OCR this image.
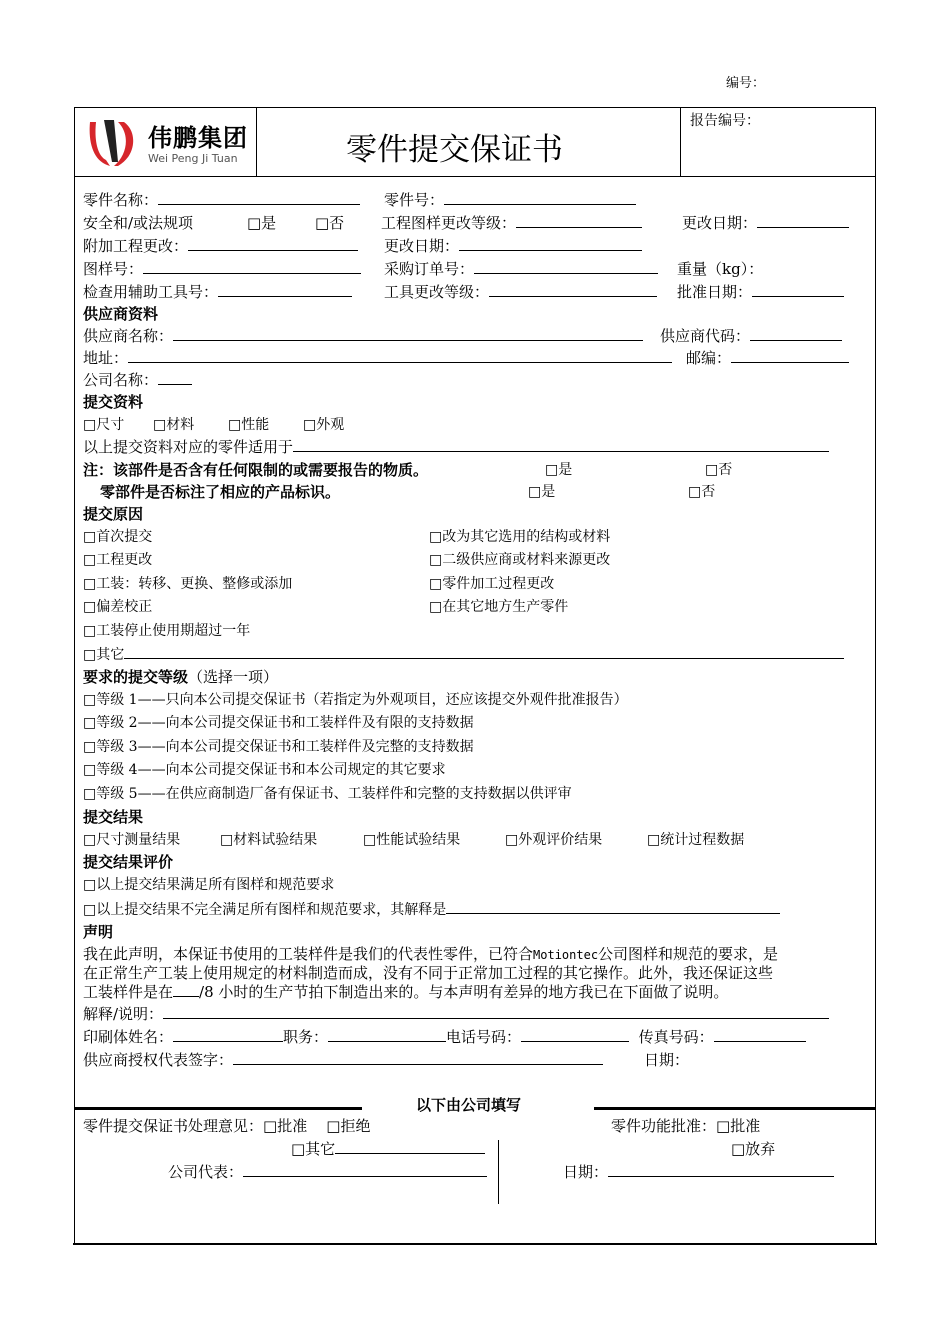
编号：
伟鹏集团
Wei Peng Ji Tuan	零件提交保证书
报告编号：
零件名称：	零件号：
安全和/或法规项	□是	□否 工程图样更改等级：	更改日期：
附加工程更改：	更改日期：
图样号：	采购订单号：	重量（kg）：
检查用辅助工具号：	工具更改等级：	批准日期：
供应商资料
供应商名称：	供应商代码：
地址：	邮编：
公司名称：
提交资料
□尺寸 □材料 □性能 □外观
以上提交资料对应的零件适用于
注：该部件是否含有任何限制的或需要报告的物质。	□是	□否
零部件是否标注了相应的产品标识。	□是	□否
提交原因
□首次提交
□工程更改
□工装：转移、更换、整修或添加
□偏差校正
□工装停止使用期超过一年
□其它
□改为其它选用的结构或材料
□二级供应商或材料来源更改
□零件加工过程更改
□在其它地方生产零件
要求的提交等级（选择一项）
□等级 1——只向本公司提交保证书（若指定为外观项目，还应该提交外观件批准报告）
□等级 2——向本公司提交保证书和工装样件及有限的支持数据
□等级 3——向本公司提交保证书和工装样件及完整的支持数据
□等级 4——向本公司提交保证书和本公司规定的其它要求
□等级 5——在供应商制造厂备有保证书、工装样件和完整的支持数据以供评审
提交结果
□尺寸测量结果	□材料试验结果	□性能试验结果	□外观评价结果	□统计过程数据
提交结果评价
□以上提交结果满足所有图样和规范要求
□以上提交结果不完全满足所有图样和规范要求，其解释是
声明
我在此声明，本保证书使用的工装样件是我们的代表性零件，已符合Motiontec公司图样和规范的要求，是
在正常生产工装上使用规定的材料制造而成，没有不同于正常加工过程的其它操作。此外，我还保证这些
工装样件是在 /8 小时的生产节拍下制造出来的。与本声明有差异的地方我已在下面做了说明。
解释/说明：
印刷体姓名：	职务：	电话号码：	传真号码：
供应商授权代表签字：	日期：
以下由公司填写
零件提交保证书处理意见：□批准 □拒绝
□其它
公司代表：
零件功能批准：□批准
□放弃
日期：
